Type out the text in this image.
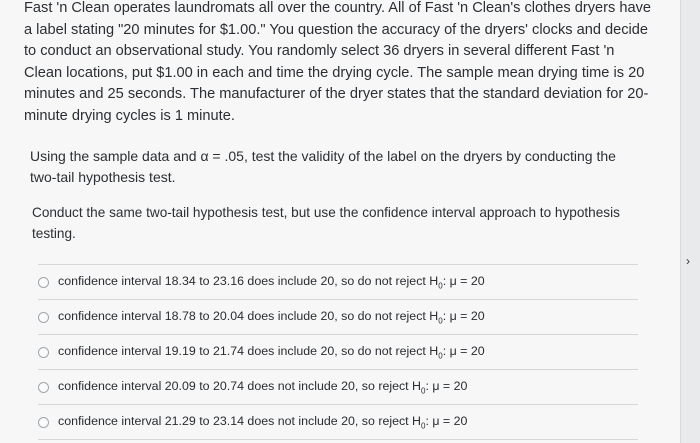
Fast 'n Clean operates laundromats all over the country. All of Fast 'n Clean's clothes dryers have a label stating "20 minutes for $1.00." You question the accuracy of the dryers' clocks and decide to conduct an observational study. You randomly select 36 dryers in several different Fast 'n Clean locations, put $1.00 in each and time the drying cycle. The sample mean drying time is 20 minutes and 25 seconds. The manufacturer of the dryer states that the standard deviation for 20-minute drying cycles is 1 minute.

Using the sample data and α = .05, test the validity of the label on the dryers by conducting the two-tail hypothesis test.

Conduct the same two-tail hypothesis test, but use the confidence interval approach to hypothesis testing.

confidence interval 18.34 to 23.16 does include 20, so do not reject $H_0$: μ = 20
confidence interval 18.78 to 20.04 does include 20, so do not reject $H_0$: μ = 20
confidence interval 19.19 to 21.74 does include 20, so do not reject $H_0$: μ = 20
confidence interval 20.09 to 20.74 does not include 20, so reject $H_0$: μ = 20
confidence interval 21.29 to 23.14 does not include 20, so reject $H_0$: μ = 20
›
